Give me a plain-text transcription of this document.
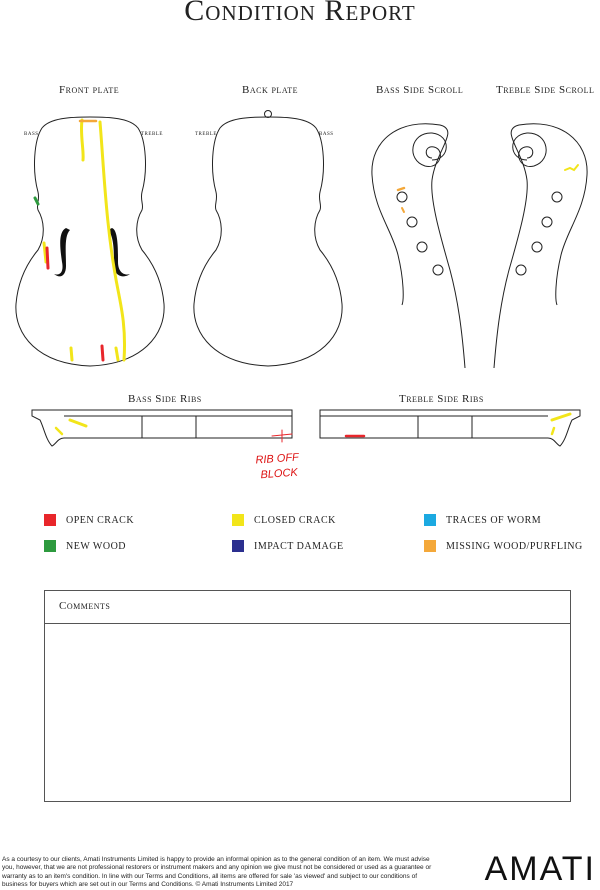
Condition Report
Front plate	Back plate	Bass Side Scroll	Treble Side Scroll
bass	treble	treble	bass
Bass Side Ribs	Treble Side Ribs
RIB OFF
BLOCK
OPEN CRACK	CLOSED CRACK	TRACES OF WORM
NEW WOOD	IMPACT DAMAGE	MISSING WOOD/PURFLING
Comments
As a courtesy to our clients, Amati Instruments Limited is happy to provide an informal opinion as to the general condition of an item. We must advise you, however, that we are not professional restorers or instrument makers and any opinion we give must not be considered or used as a guarantee or warranty as to an item's condition. In line with our Terms and Conditions, all items are offered for sale 'as viewed' and subject to our conditions of business for buyers which are set out in our Terms and Conditions. © Amati Instruments Limited 2017	AMATI
